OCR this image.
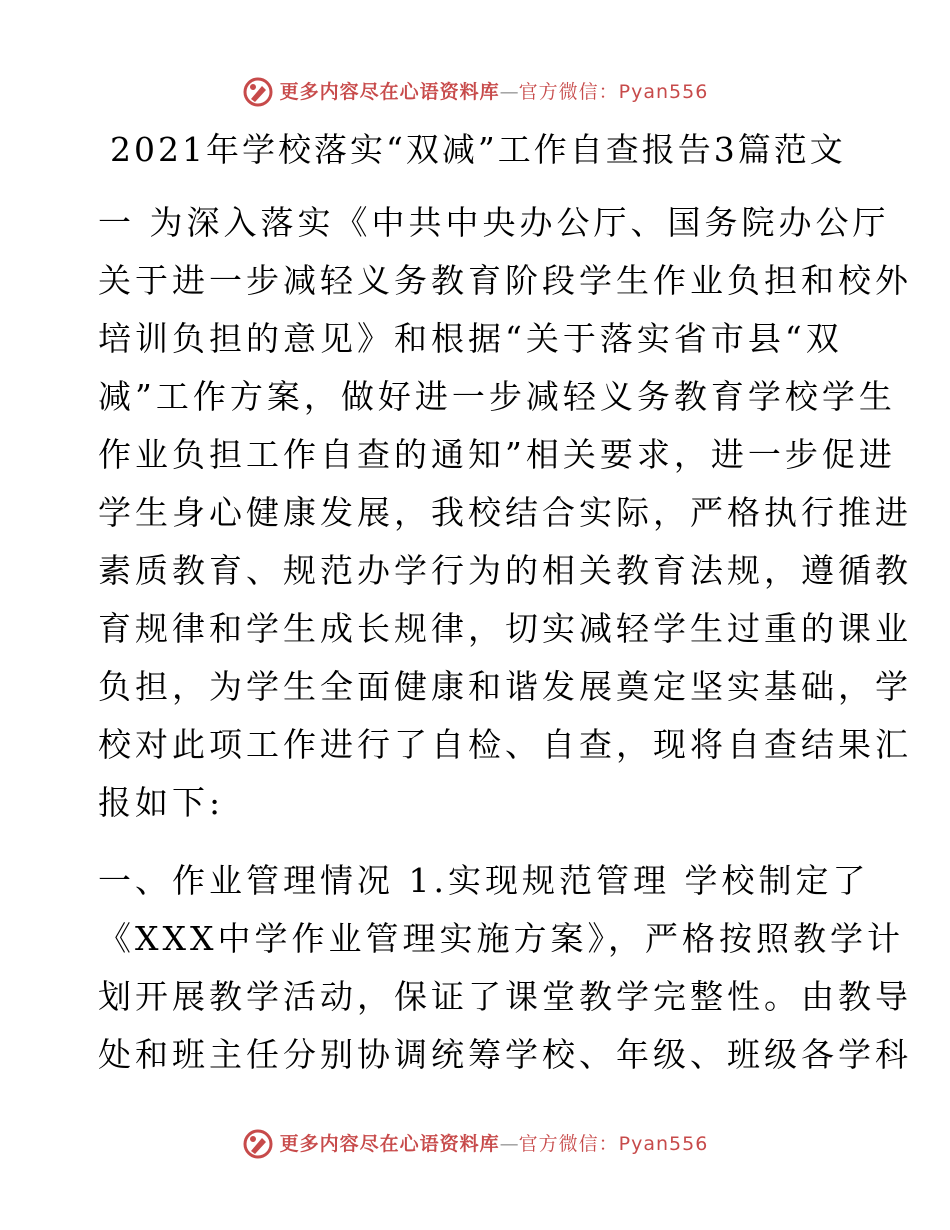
更多内容尽在心语资料库 — 官方微信：Pyan556
2021年学校落实“双减”工作自查报告3篇范文
一 为深入落实《中共中央办公厅、国务院办公厅
关于进一步减轻义务教育阶段学生作业负担和校外
培训负担的意见》和根据“关于落实省市县“双
减”工作方案，做好进一步减轻义务教育学校学生
作业负担工作自查的通知”相关要求，进一步促进
学生身心健康发展，我校结合实际，严格执行推进
素质教育、规范办学行为的相关教育法规，遵循教
育规律和学生成长规律，切实减轻学生过重的课业
负担，为学生全面健康和谐发展奠定坚实基础，学
校对此项工作进行了自检、自查，现将自查结果汇
报如下:
一、作业管理情况 1.实现规范管理 学校制定了
《XXX中学作业管理实施方案》，严格按照教学计
划开展教学活动，保证了课堂教学完整性。由教导
处和班主任分别协调统筹学校、年级、班级各学科
更多内容尽在心语资料库 — 官方微信：Pyan556
